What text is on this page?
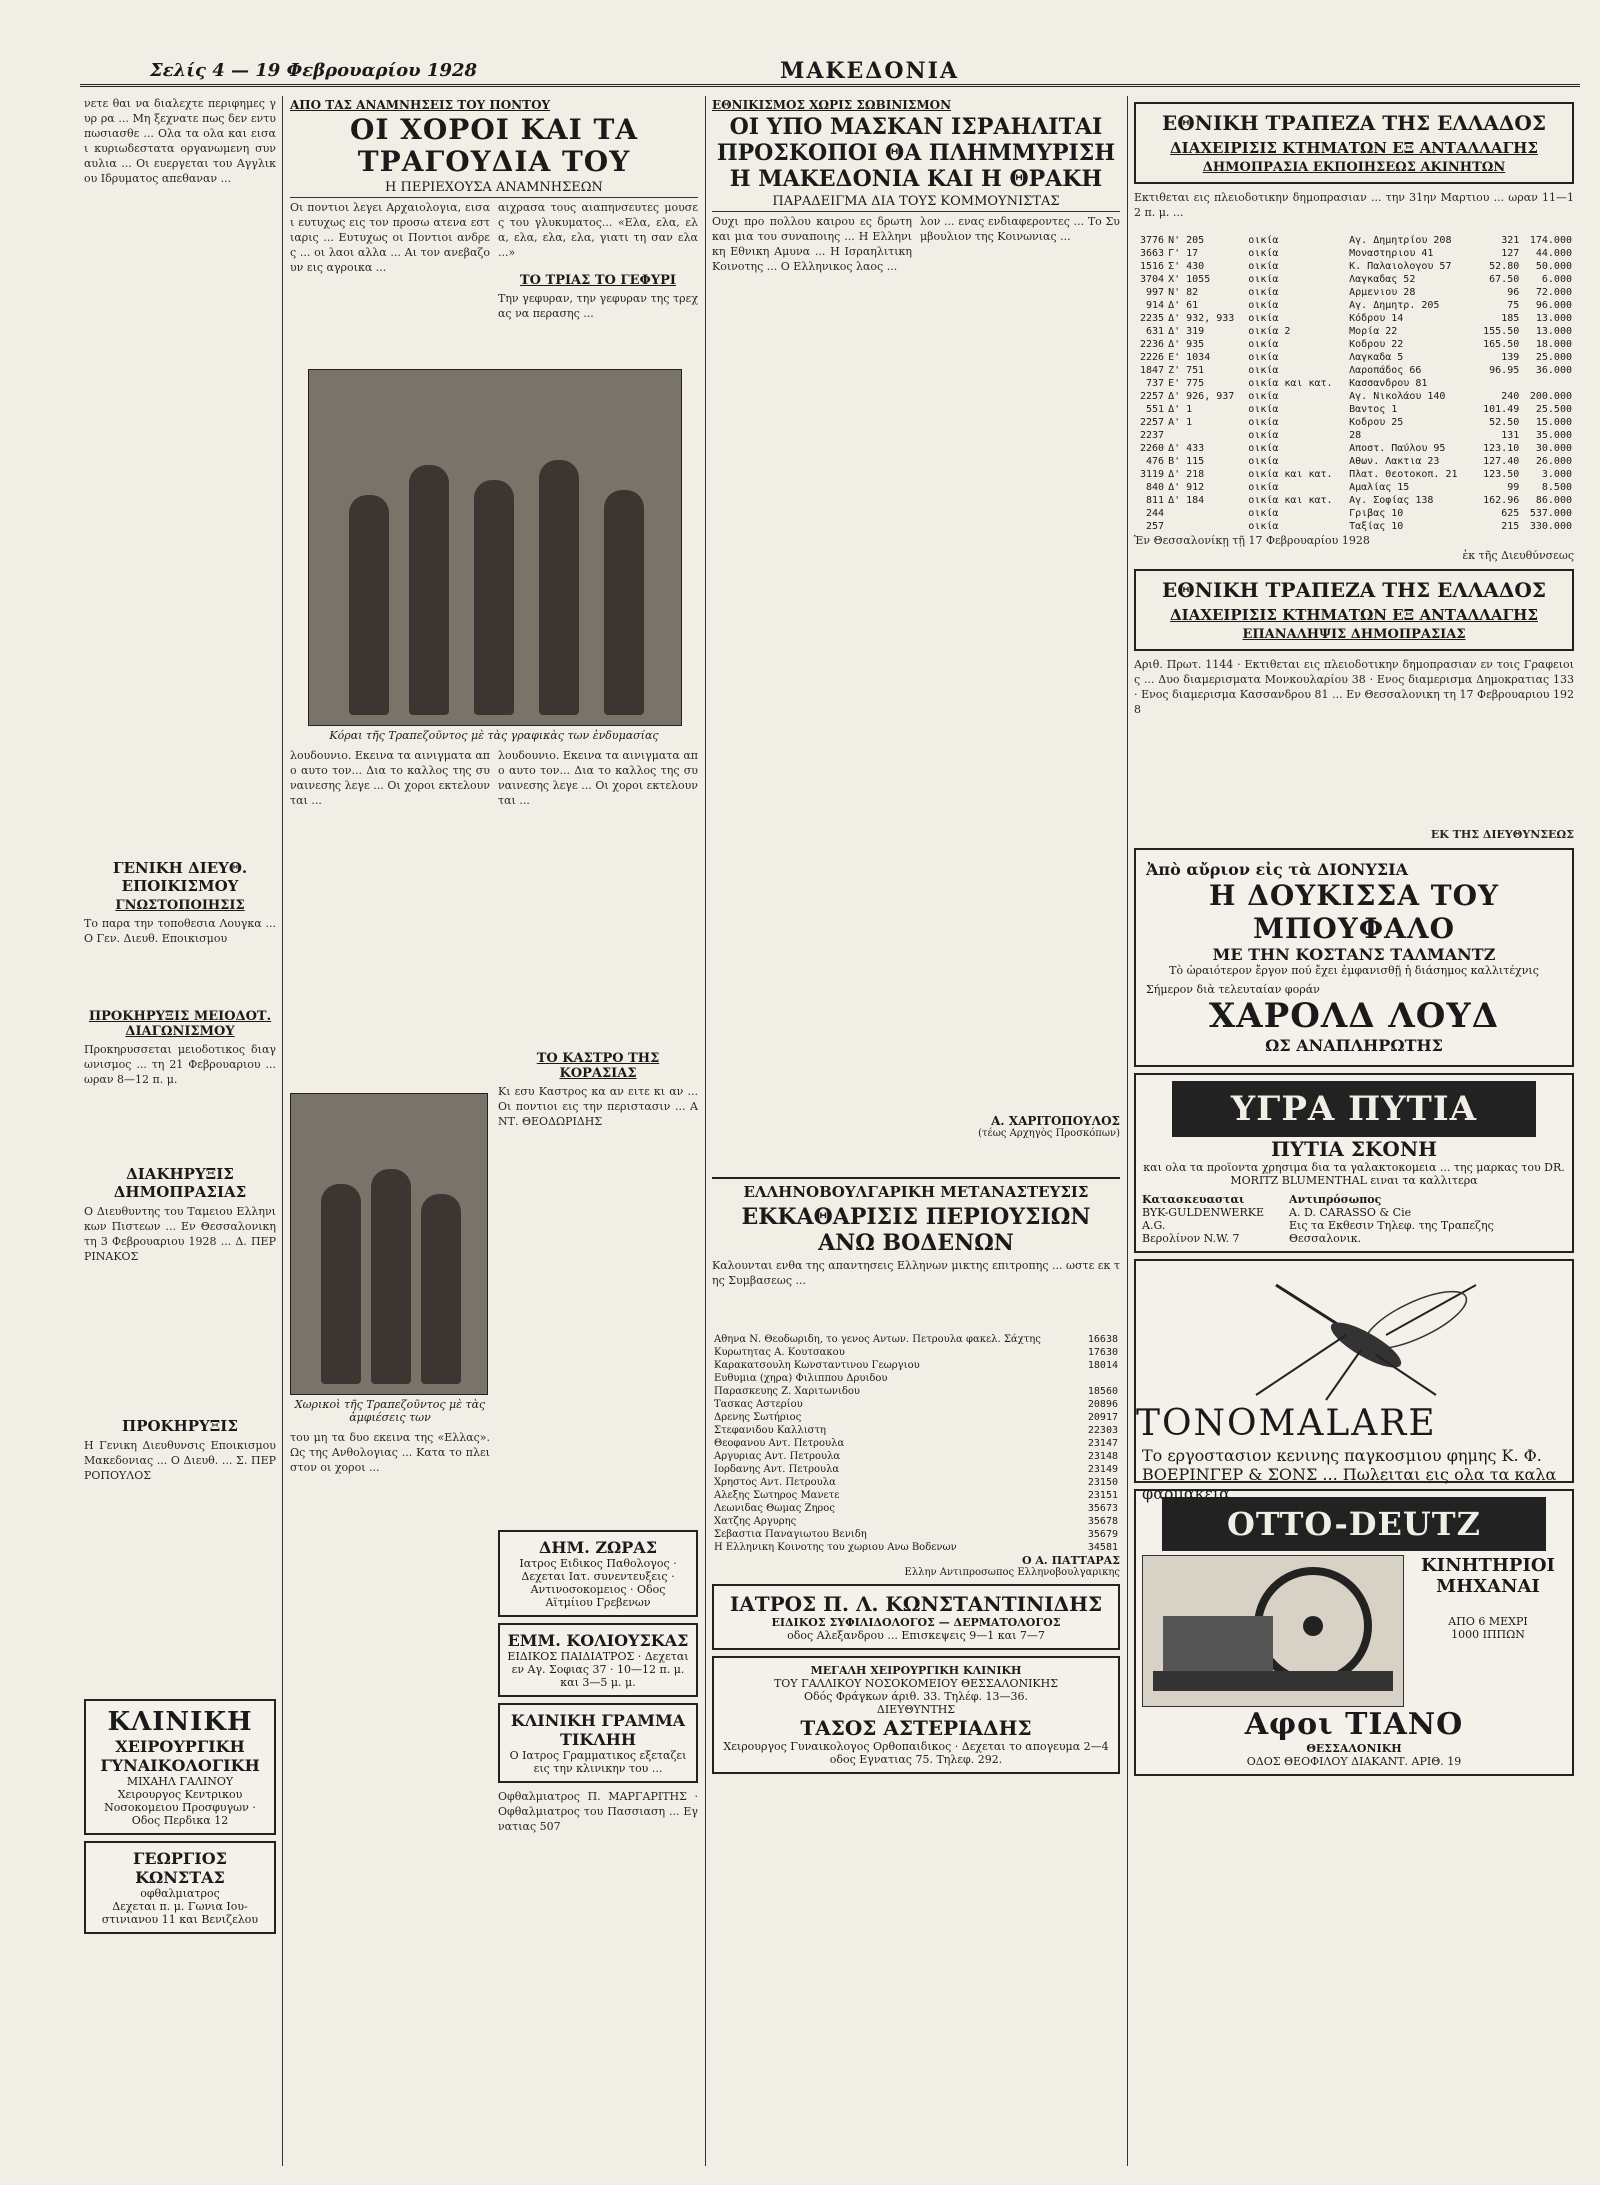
Σελίς 4 — 19 Φεβρουαρίου 1928	ΜΑΚΕΔΟΝΙΑ
νετε θαι να διαλεχτε περιφημες γυρ ρα ... Μη ξεχνατε πως δεν εντυπωσιασθε ... Ολα τα ολα και εισαι κυριωδεστατα οργανωμενη συναυλια ... Οι ευεργεται του Αγγλικου Ιδρυματος απεθαναν ...
ΓΕΝΙΚΗ ΔΙΕΥΘ. ΕΠΟΙΚΙΣΜΟΥ
ΓΝΩΣΤΟΠΟΙΗΣΙΣ
Το παρα την τοποθεσια Λουγκα ... Ο Γεν. Διευθ. Εποικισμου
ΠΡΟΚΗΡΥΞΙΣ ΜΕΙΟΔΟΤ. ΔΙΑΓΩΝΙΣΜΟΥ
Προκηρυσσεται μειοδοτικος διαγωνισμος ... τη 21 Φεβρουαριου ... ωραν 8—12 π. μ.
ΔΙΑΚΗΡΥΞΙΣ ΔΗΜΟΠΡΑΣΙΑΣ
Ο Διευθυντης του Ταμειου Ελληνικων Πιστεων ... Εν Θεσσαλονικη τη 3 Φεβρουαριου 1928 ... Δ. ΠΕΡΡΙΝΑΚΟΣ
ΠΡΟΚΗΡΥΞΙΣ
Η Γενικη Διευθυνσις Εποικισμου Μακεδονιας ... Ο Διευθ. ... Σ. ΠΕΡΡΟΠΟΥΛΟΣ
ΚΛΙΝΙΚΗ
ΧΕΙΡΟΥΡΓΙΚΗ ΓΥΝΑΙΚΟΛΟΓΙΚΗ
ΜΙΧΑΗΛ ΓΑΛΙΝΟΥ
Χειρουργος Κεντρικου Νοσοκομειου Προσφυγων · Οδος Περδικα 12
ΓΕΩΡΓΙΟΣ ΚΩΝΣΤΑΣ
οφθαλμιατρος
Δεχεται π. μ. Γωνια Ιου- στινιανου 11 και Βενιζελου
ΑΠΟ ΤΑΣ ΑΝΑΜΝΗΣΕΙΣ ΤΟΥ ΠΟΝΤΟΥ
ΟΙ ΧΟΡΟΙ ΚΑΙ ΤΑ ΤΡΑΓΟΥΔΙΑ ΤΟΥ
Η ΠΕΡΙΕΧΟΥΣΑ ΑΝΑΜΝΗΣΕΩΝ
Οι ποντιοι λεγει Αρχαιολογια, εισαι ευτυχως εις τον προσω ατενα εστιαρις ... Ευτυχως οι Ποντιοι ανδρες ... οι λαοι αλλα ... Αι τον ανεβαζουν εις αγροικα ...
αιχρασα τους αιαπηνσευτες μουσες του γλυκυματος... «Ελα, ελα, ελα, ελα, ελα, ελα, γιατι τη σαν ελα ...»
ΤΟ ΤΡΙΑΣ ΤΟ ΓΕΦΥΡΙ
Την γεφυραν, την γεφυραν της τρεχας να περασης ...
Κόραι τῆς Τραπεζοῦντος μὲ τὰς γραφικὰς των ἐνδυμασίας
λουδουνιο. Εκεινα τα αινιγματα απο αυτο τον... Δια το καλλος της συναινεσης λεγε ... Οι χοροι εκτελουνται ...
Χωρικοὶ τῆς Τραπεζοῦντος μὲ τὰς ἀμφιέσεις των
του μη τα δυο εκεινα της «Ελλας». Ως της Ανθολογιας ... Κατα το πλειστον οι χοροι ...
λουδουνιο. Εκεινα τα αινιγματα απο αυτο τον... Δια το καλλος της συναινεσης λεγε ... Οι χοροι εκτελουνται ...
ΤΟ ΚΑΣΤΡΟ ΤΗΣ ΚΟΡΑΣΙΑΣ
Κι εσυ Καστρος κα αν ειτε κι αν ... Οι ποντιοι εις την περιστασιν ... ΑΝΤ. ΘΕΟΔΩΡΙΔΗΣ
ΔΗΜ. ΖΩΡΑΣ
Ιατρος Ειδικος Παθολογος · Δεχεται Ιατ. συνεντευξεις · Αντινοσοκομειος · Οδος Αϊτμίιου Γρεβενων
ΕΜΜ. ΚΟΛΙΟΥΣΚΑΣ
ΕΙΔΙΚΟΣ ΠΑΙΔΙΑΤΡΟΣ · Δεχεται εν Αγ. Σοφιας 37 · 10—12 π. μ. και 3—5 μ. μ.
ΚΛΙΝΙΚΗ ΓΡΑΜΜΑ ΤΙΚΛΗΗ
Ο Ιατρος Γραμματικος εξεταζει εις την κλινικην του ...
Οφθαλμιατρος Π. ΜΑΡΓΑΡΙΤΗΣ · Οφθαλμιατρος του Πασσιαση ... Εγνατιας 507
ΕΘΝΙΚΙΣΜΟΣ ΧΩΡΙΣ ΣΩΒΙΝΙΣΜΟΝ
ΟΙ ΥΠΟ ΜΑΣΚΑΝ ΙΣΡΑΗΛΙΤΑΙ ΠΡΟΣΚΟΠΟΙ ΘΑ ΠΛΗΜΜΥΡΙΣΗ Η ΜΑΚΕΔΟΝΙΑ ΚΑΙ Η ΘΡΑΚΗ
ΠΑΡΑΔΕΙΓΜΑ ΔΙΑ ΤΟΥΣ ΚΟΜΜΟΥΝΙΣΤΑΣ
Ουχι προ πολλου καιρου ες δρωτη και μια του συναποιης ... Η Ελληνικη Εθνικη Αμυνα ... Η Ισραηλιτικη Κοινοτης ... Ο Ελληνικος λαος ...
λον ... ενας ενδιαφεροντες ... Το Συμβουλιον της Κοινωνιας ...
Α. ΧΑΡΙΤΟΠΟΥΛΟΣ
(τέως Αρχηγὸς Προσκόπων)
ΕΛΛΗΝΟΒΟΥΛΓΑΡΙΚΗ ΜΕΤΑΝΑΣΤΕΥΣΙΣ
ΕΚΚΑΘΑΡΙΣΙΣ ΠΕΡΙΟΥΣΙΩΝ ΑΝΩ ΒΟΔΕΝΩΝ
Καλουνται ενθα της απαντησεις Ελληνων μικτης επιτροπης ... ωστε εκ της Συμβασεως ...
Αθηνα Ν. Θεοδωριδη, το γενος Αντων. Πετρουλα φακελ. Σάχτης	16638
Κυρωτητας Α. Κουτσακου	17630
Καρακατσουλη Κωνσταντινου Γεωργιου	18014
Ευθυμια (χηρα) Φιλιππου Δρυιδου	
Παρασκευης Ζ. Χαριτωνιδου	18560
Τασκας Αστερίου	20896
Δρενης Σωτήριος	20917
Στεφανιδου Καλλιστη	22303
Θεοφανου Αντ. Πετρουλα	23147
Αργυριας Αντ. Πετρουλα	23148
Ιορδανης Αντ. Πετρουλα	23149
Χρηστος Αντ. Πετρουλα	23150
Αλεξης Σωτηρος Μανετε	23151
Λεωνιδας Θωμας Ζηρος	35673
Χατζης Αργυρης	35678
Σεβαστια Παναγιωτου Βενιδη	35679
Η Ελληνικη Κοινοτης του χωριου Ανω Βοδενων	34581
Ο Α. ΠΑΤΤΑΡΑΣ
Ελλην Αντιπροσωπος Ελληνοβουλγαρικης
ΙΑΤΡΟΣ Π. Λ. ΚΩΝΣΤΑΝΤΙΝΙΔΗΣ
ΕΙΔΙΚΟΣ ΣΥΦΙΛΙΔΟΛΟΓΟΣ — ΔΕΡΜΑΤΟΛΟΓΟΣ
οδος Αλεξανδρου ... Επισκεψεις 9—1 και 7—7
ΜΕΓΑΛΗ ΧΕΙΡΟΥΡΓΙΚΗ ΚΛΙΝΙΚΗ
ΤΟΥ ΓΑΛΛΙΚΟΥ ΝΟΣΟΚΟΜΕΙΟΥ ΘΕΣΣΑΛΟΝΙΚΗΣ
Οδός Φράγκων άριθ. 33. Τηλέφ. 13—36.
ΔΙΕΥΘΥΝΤΗΣ
ΤΑΣΟΣ ΑΣΤΕΡΙΑΔΗΣ
Χειρουργος Γυναικολογος Ορθοπαιδικος · Δεχεται το απογευμα 2—4 οδος Εγνατιας 75. Τηλεφ. 292.
ΕΘΝΙΚΗ ΤΡΑΠΕΖΑ ΤΗΣ ΕΛΛΑΔΟΣ
ΔΙΑΧΕΙΡΙΣΙΣ ΚΤΗΜΑΤΩΝ ΕΞ ΑΝΤΑΛΛΑΓΗΣ
ΔΗΜΟΠΡΑΣΙΑ ΕΚΠΟΙΗΣΕΩΣ ΑΚΙΝΗΤΩΝ
Εκτιθεται εις πλειοδοτικην δημοπρασιαν ... την 31ην Μαρτιου ... ωραν 11—12 π. μ. ...
3776	Ν' 205	οικία	Αγ. Δημητρίου 208	321	174.000
3663	Γ' 17	οικία	Μοναστηριου 41	127	44.000
1516	Σ' 430	οικία	Κ. Παλαιολογου 57	52.80	50.000
3704	Χ' 1055	οικία	Λαγκαδας 52	67.50	6.000
997	Ν' 82	οικία	Αρμενιου 28	96	72.000
914	Δ' 61	οικία	Αγ. Δημητρ. 205	75	96.000
2235	Δ' 932, 933	οικία	Κόδρου 14	185	13.000
631	Δ' 319	οικία 2	Μορία 22	155.50	13.000
2236	Δ' 935	οικία	Κοδρου 22	165.50	18.000
2226	Ε' 1034	οικία	Λαγκαδα 5	139	25.000
1847	Ζ' 751	οικία	Λαροπάδος 66	96.95	36.000
737	Ε' 775	οικία και κατ.	Κασσανδρου 81		
2257	Δ' 926, 937	οικία	Αγ. Νικολάου 140	240	200.000
551	Δ' 1	οικία	Βαντος 1	101.49	25.500
2257	Α' 1	οικία	Κοδρου 25	52.50	15.000
2237		οικία	28	131	35.000
2260	Δ' 433	οικία	Αποστ. Παύλου 95	123.10	30.000
476	Β' 115	οικία	Αθων. Λακτια 23	127.40	26.000
3119	Δ' 218	οικία και κατ.	Πλατ. Θεοτοκοπ. 21	123.50	3.000
840	Δ' 912	οικία	Αμαλίας 15	99	8.500
811	Δ' 184	οικία και κατ.	Αγ. Σοφίας 138	162.96	86.000
244		οικία	Γριβας 10	625	537.000
257		οικία	Ταξίας 10	215	330.000
Ἐν Θεσσαλονίκῃ τῇ 17 Φεβρουαρίου 1928
ἐκ τῆς Διευθύνσεως
ΕΘΝΙΚΗ ΤΡΑΠΕΖΑ ΤΗΣ ΕΛΛΑΔΟΣ
ΔΙΑΧΕΙΡΙΣΙΣ ΚΤΗΜΑΤΩΝ ΕΞ ΑΝΤΑΛΛΑΓΗΣ
ΕΠΑΝΑΛΗΨΙΣ ΔΗΜΟΠΡΑΣΙΑΣ
Αριθ. Πρωτ. 1144 · Εκτιθεται εις πλειοδοτικην δημοπρασιαν εν τοις Γραφειοις ... Δυο διαμερισματα Μονκουλαρίου 38 · Ενος διαμερισμα Δημοκρατιας 133 · Ενος διαμερισμα Κασσανδρου 81 ... Εν Θεσσαλονικη τη 17 Φεβρουαριου 1928
ΕΚ ΤΗΣ ΔΙΕΥΘΥΝΣΕΩΣ
Ἀπὸ αὔριον εἰς τὰ ΔΙΟΝΥΣΙΑ
Η ΔΟΥΚΙΣΣΑ ΤΟΥ ΜΠΟΥΦΑΛΟ
ΜΕ ΤΗΝ ΚΟΣΤΑΝΣ ΤΑΛΜΑΝΤΖ
Τὸ ὡραιότερον ἔργον πού ἔχει ἐμφανισθῇ ἡ διάσημος καλλιτέχνις
Σήμερον διὰ τελευταίαν φοράν
ΧΑΡΟΛΔ ΛΟΥΔ
ΩΣ ΑΝΑΠΛΗΡΩΤΗΣ
ΥΓΡΑ ΠΥΤΙΑ
ΠΥΤΙΑ ΣΚΟΝΗ
και ολα τα προϊοντα χρησιμα δια τα γαλακτοκομεια ... της μαρκας του DR. MORITZ BLUMENTHAL ειναι τα καλλιτερα
Κατασκευασται
BYK-GULDENWERKE A.G.
Βερολίνον N.W. 7
Αντιπρόσωπος
A. D. CARASSO & Cie
Εις τα Εκθεσιν Τηλεφ. της Τραπεζης Θεσσαλονικ.
TONOMALARE
Το εργοστασιον κενινης παγκοσμιου φημης Κ. Φ. ΒΟΕΡΙΝΓΕΡ & ΣΟΝΣ ... Πωλειται εις ολα τα καλα φαρμακεια
OTTO-DEUTZ
ΚΙΝΗΤΗΡΙΟΙ ΜΗΧΑΝΑΙ
ΑΠΟ 6 ΜΕΧΡΙ
1000 ΙΠΠΩΝ
Αφοι ΤΙΑΝΟ
ΘΕΣΣΑΛΟΝΙΚΗ
ΟΔΟΣ ΘΕΟΦΙΛΟΥ ΔΙΑΚΑΝΤ. ΑΡΙΘ. 19
